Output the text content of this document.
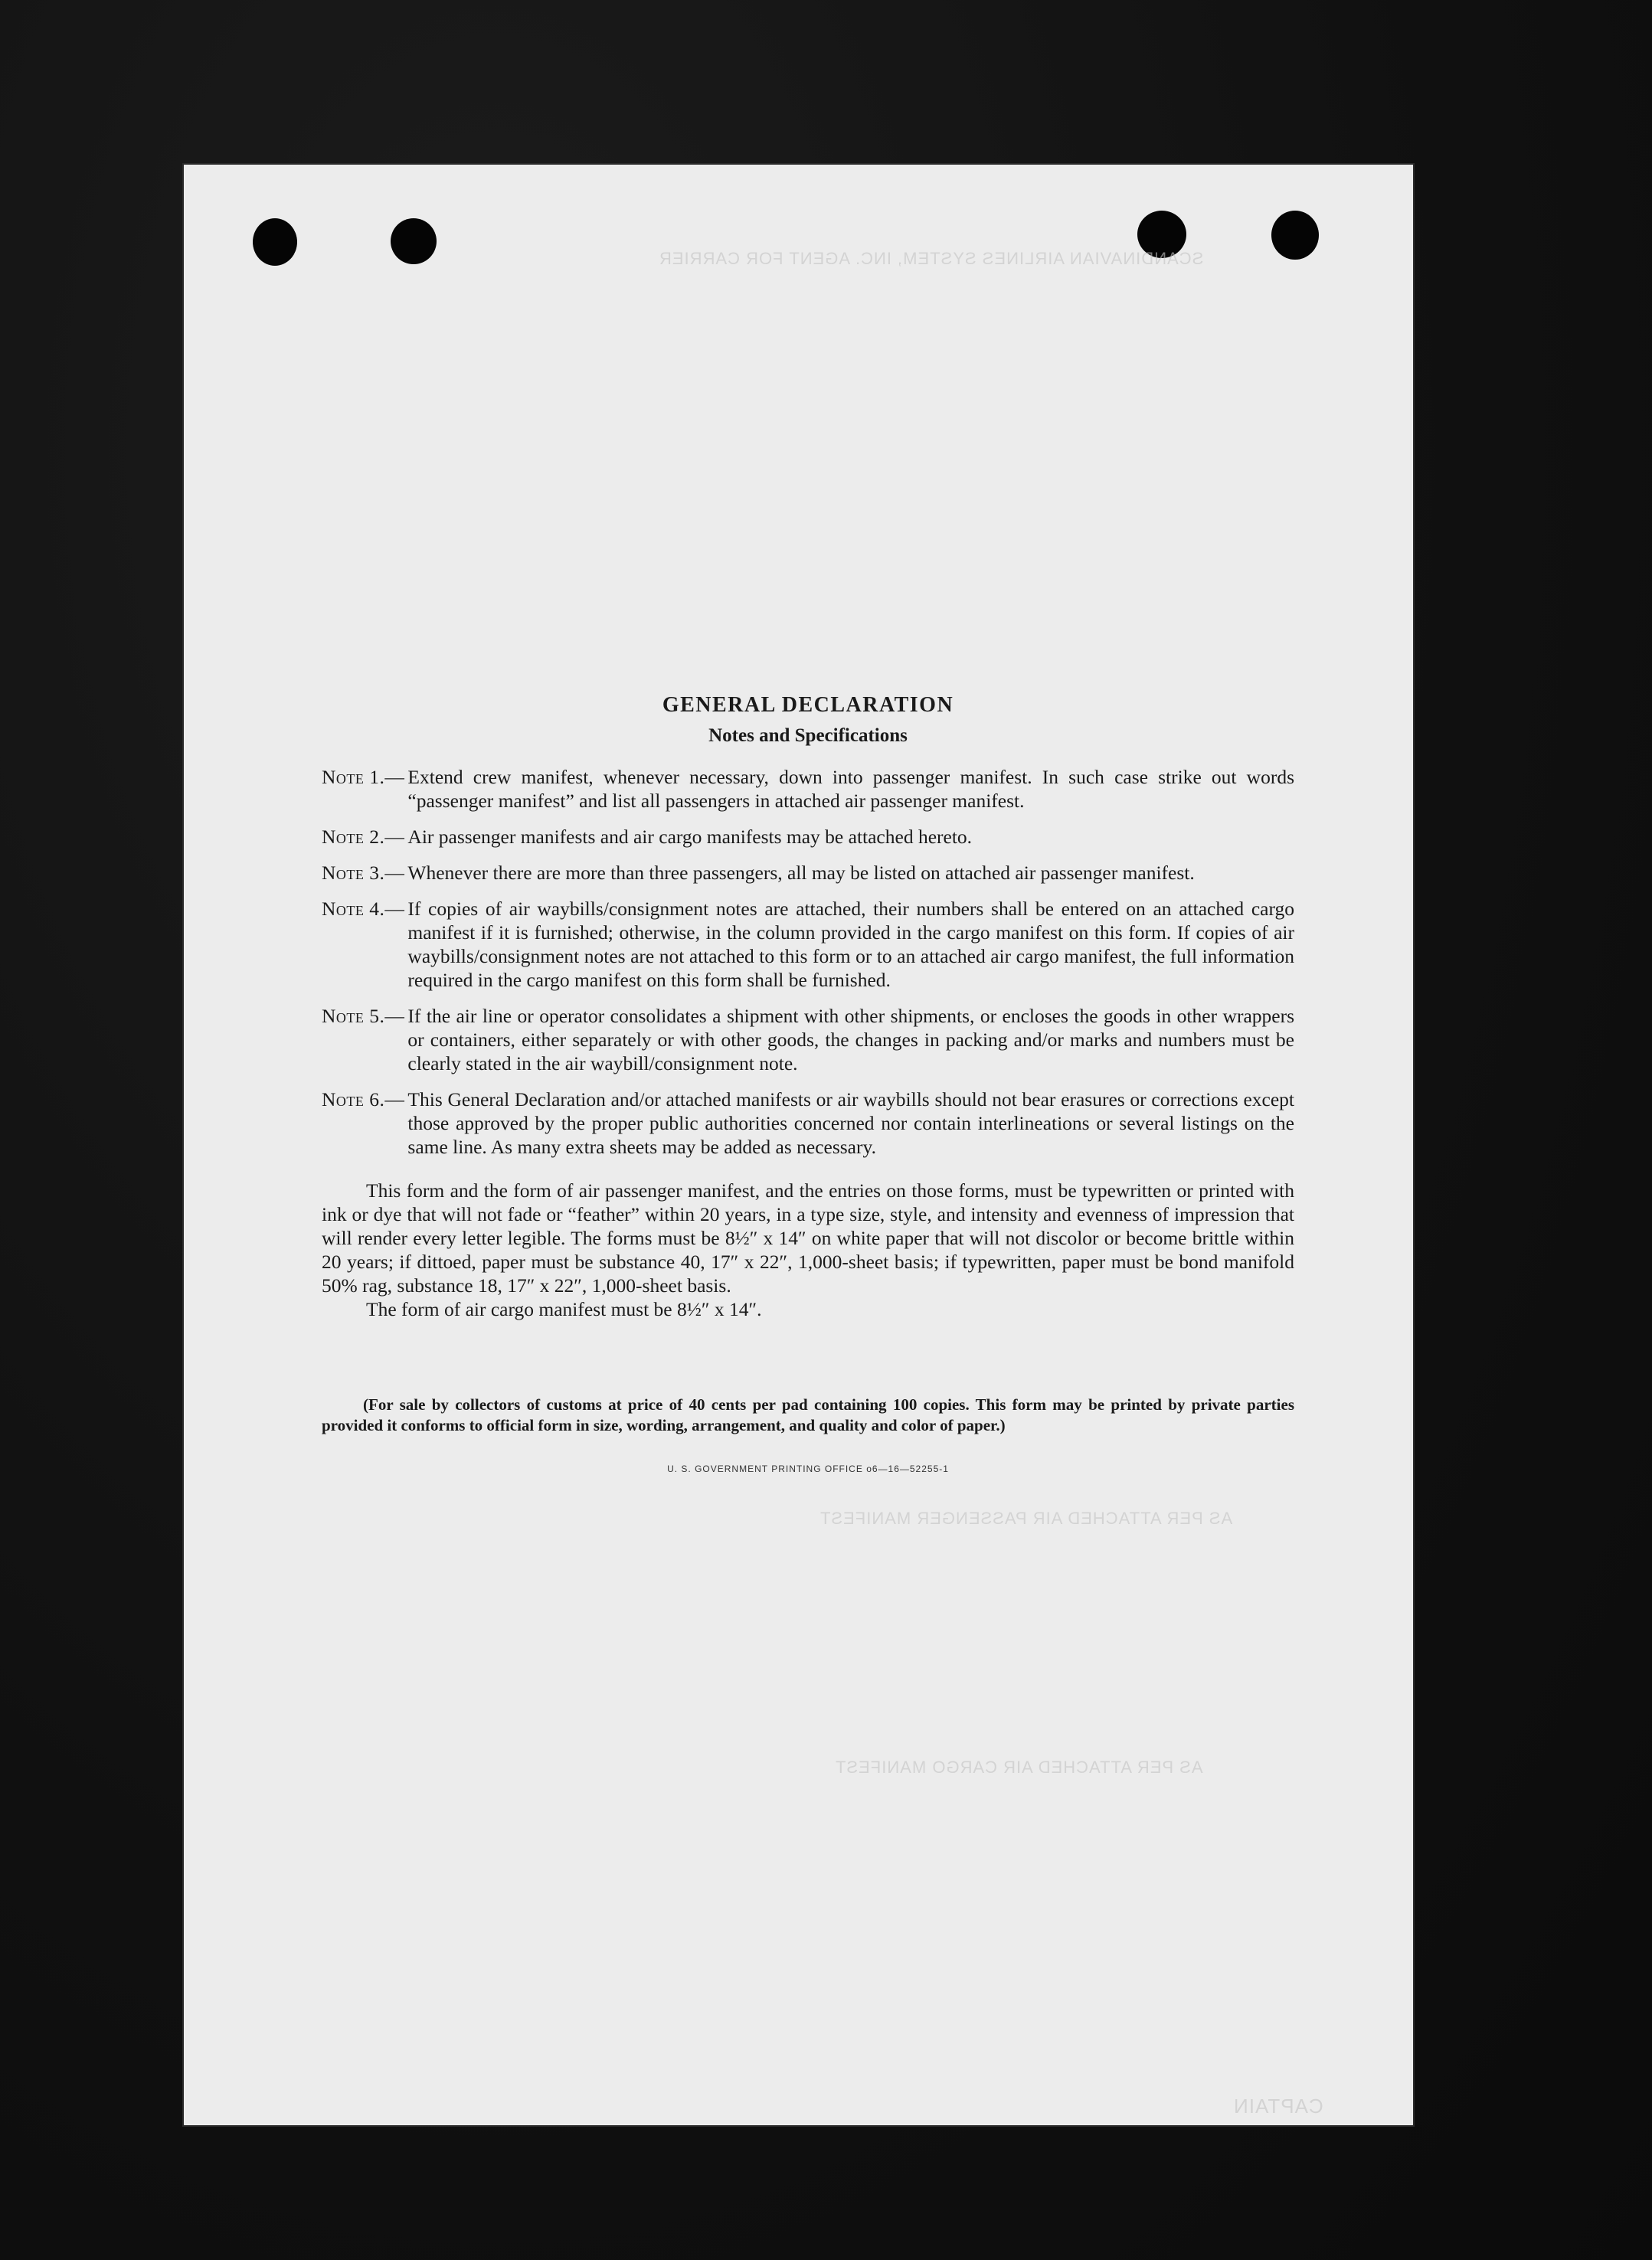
SCANDINAVIAN AIRLINES SYSTEM, INC. AGENT FOR CARRIER
AS PER ATTACHED AIR PASSENGER MANIFEST
AS PER ATTACHED AIR CARGO MANIFEST
CAPTAIN
GENERAL DECLARATION
Notes and Specifications
Note 1.— Extend crew manifest, whenever necessary, down into passenger manifest. In such case strike out words “passenger manifest” and list all passengers in attached air passenger manifest.
Note 2.— Air passenger manifests and air cargo manifests may be attached hereto.
Note 3.— Whenever there are more than three passengers, all may be listed on attached air passenger manifest.
Note 4.— If copies of air waybills/consignment notes are attached, their numbers shall be entered on an attached cargo manifest if it is furnished; otherwise, in the column provided in the cargo manifest on this form. If copies of air waybills/consignment notes are not attached to this form or to an attached air cargo manifest, the full information required in the cargo manifest on this form shall be furnished.
Note 5.— If the air line or operator consolidates a shipment with other shipments, or encloses the goods in other wrappers or containers, either separately or with other goods, the changes in packing and/or marks and numbers must be clearly stated in the air waybill/consignment note.
Note 6.— This General Declaration and/or attached manifests or air waybills should not bear erasures or corrections except those approved by the proper public authorities concerned nor contain interlineations or several listings on the same line. As many extra sheets may be added as necessary.

This form and the form of air passenger manifest, and the entries on those forms, must be typewritten or printed with ink or dye that will not fade or “feather” within 20 years, in a type size, style, and intensity and evenness of impression that will render every letter legible. The forms must be 8½″ x 14″ on white paper that will not discolor or become brittle within 20 years; if dittoed, paper must be substance 40, 17″ x 22″, 1,000-sheet basis; if typewritten, paper must be bond manifold 50% rag, substance 18, 17″ x 22″, 1,000-sheet basis.

The form of air cargo manifest must be 8½″ x 14″.

(For sale by collectors of customs at price of 40 cents per pad containing 100 copies. This form may be printed by private parties provided it conforms to official form in size, wording, arrangement, and quality and color of paper.)

U. S. GOVERNMENT PRINTING OFFICE o6—16—52255-1
